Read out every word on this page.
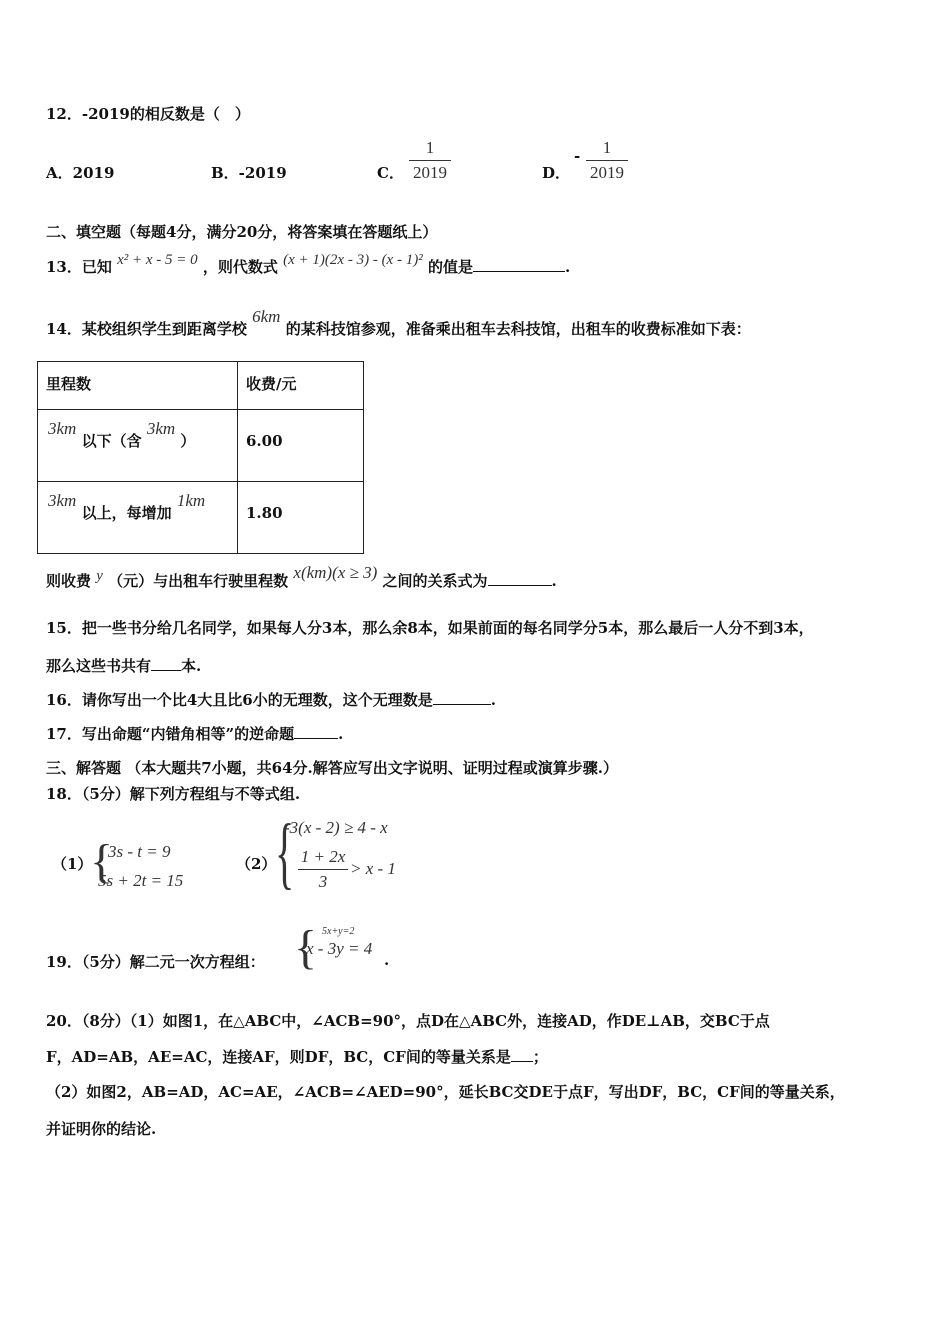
12．-2019的相反数是（　）
A．2019	B．-2019	C． $\frac{1}{2019}$	D．
- $\frac{1}{2019}$
二、填空题（每题4分，满分20分，将答案填在答题纸上）
13．已知 x² + x - 5 = 0 ，则代数式 (x + 1)(2x - 3) - (x - 1)² 的值是	.
14．某校组织学生到距离学校 6km 的某科技馆参观，准备乘出租车去科技馆，出租车的收费标准如下表：
里程数	收费/元
3km 以下（含 3km ）	6.00
3km 以上，每增加 1km	1.80
则收费 y （元）与出租车行驶里程数 x(km)(x ≥ 3) 之间的关系式为	.
15．把一些书分给几名同学，如果每人分3本，那么余8本，如果前面的每名同学分5本，那么最后一人分不到3本，
那么这些书共有 本.
16．请你写出一个比4大且比6小的无理数，这个无理数是	.
17．写出命题“内错角相等”的逆命题	.
三、解答题 （本大题共7小题，共64分.解答应写出文字说明、证明过程或演算步骤.）
18．（5分）解下列方程组与不等式组.
（1）
{
3s - t = 9
5s + 2t = 15
（2）
{
-3(x - 2) ≥ 4 - x
$\frac{1 + 2x}{3} > x - 1$
19．（5分）解二元一次方程组： { 5x+y=2
x - 3y = 4
.
20．（8分）（1）如图1，在△ABC中，∠ACB=90°，点D在△ABC外，连接AD，作DE⊥AB，交BC于点
F，AD=AB，AE=AC，连接AF，则DF，BC，CF间的等量关系是 ；
（2）如图2，AB=AD，AC=AE，∠ACB=∠AED=90°，延长BC交DE于点F，写出DF，BC，CF间的等量关系，
并证明你的结论.
